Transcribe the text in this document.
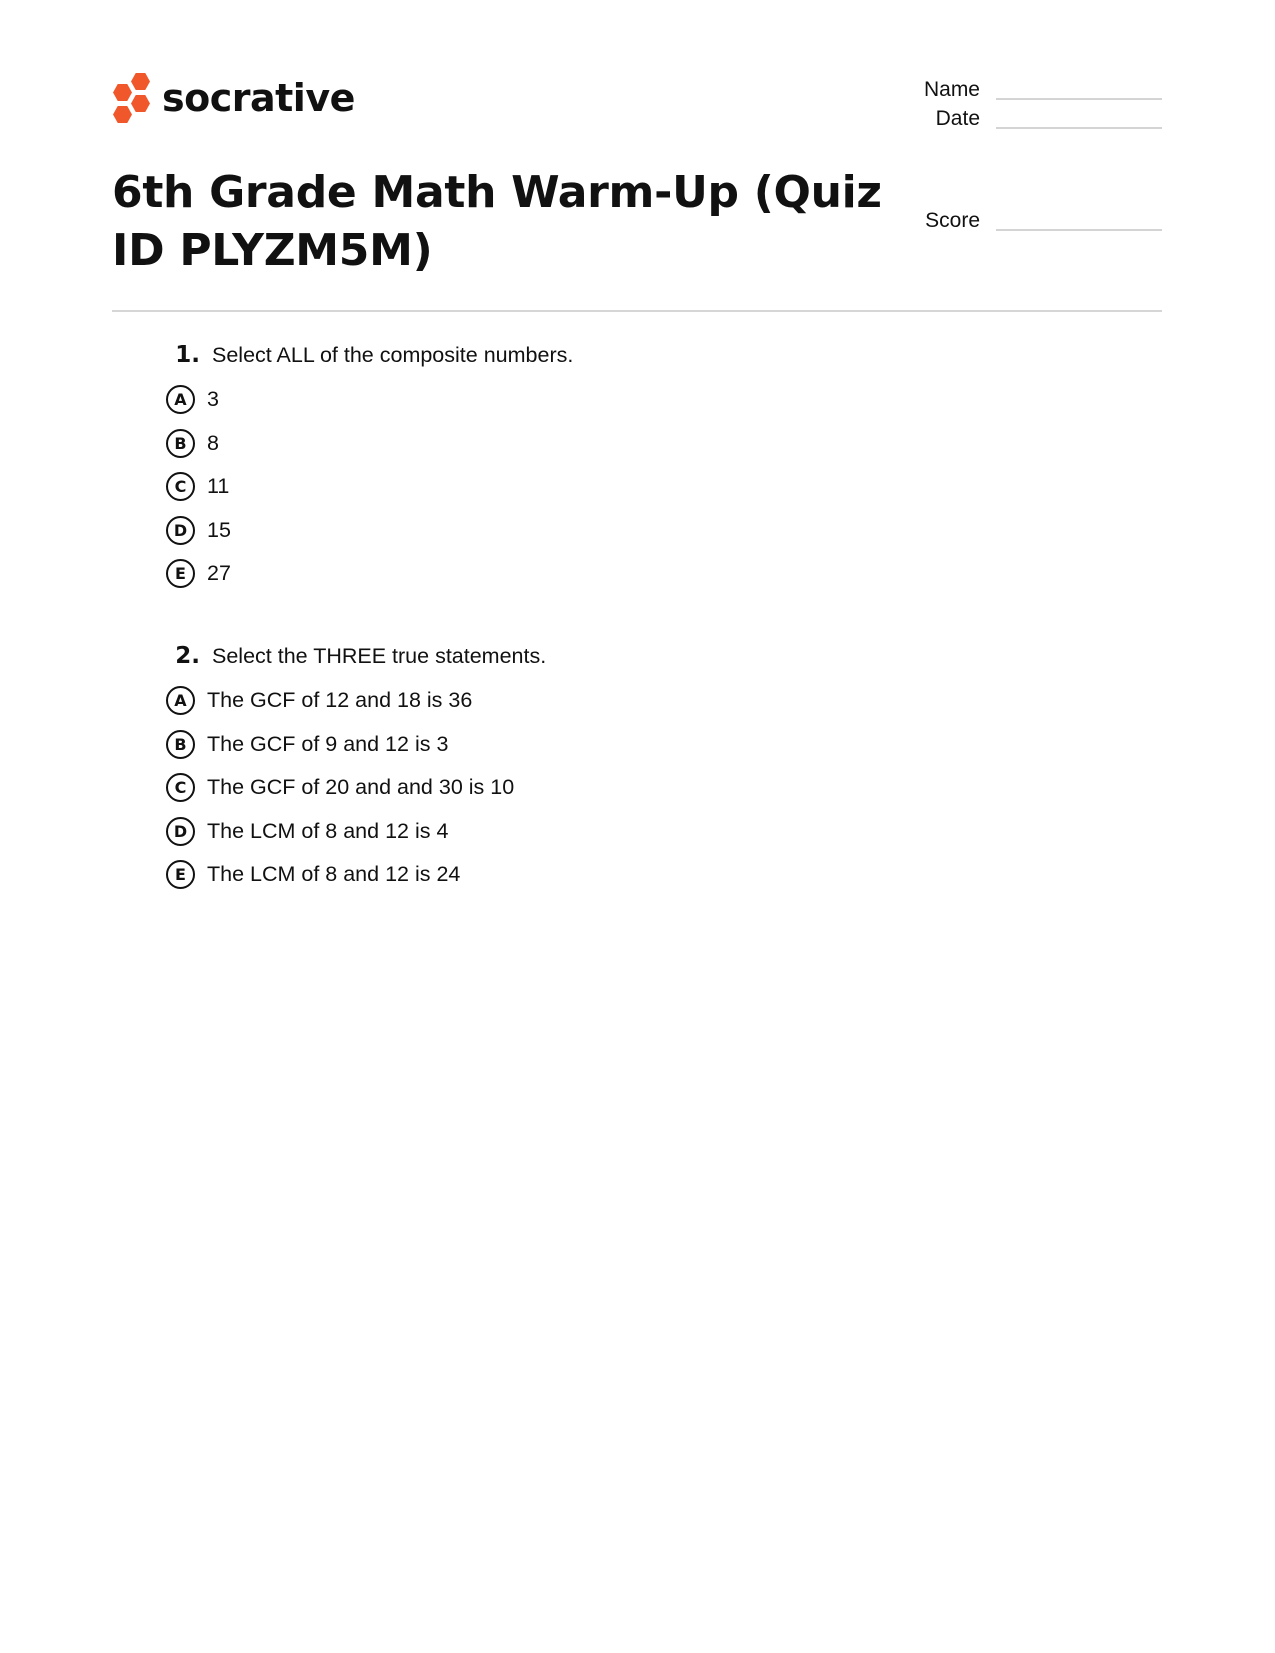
socrative	Name
Date
Score
6th Grade Math Warm-Up (Quiz ID PLYZM5M)
1. Select ALL of the composite numbers.
A 3
B 8
C 11
D 15
E 27
2. Select the THREE true statements.
A The GCF of 12 and 18 is 36
B The GCF of 9 and 12 is 3
C The GCF of 20 and and 30 is 10
D The LCM of 8 and 12 is 4
E The LCM of 8 and 12 is 24
